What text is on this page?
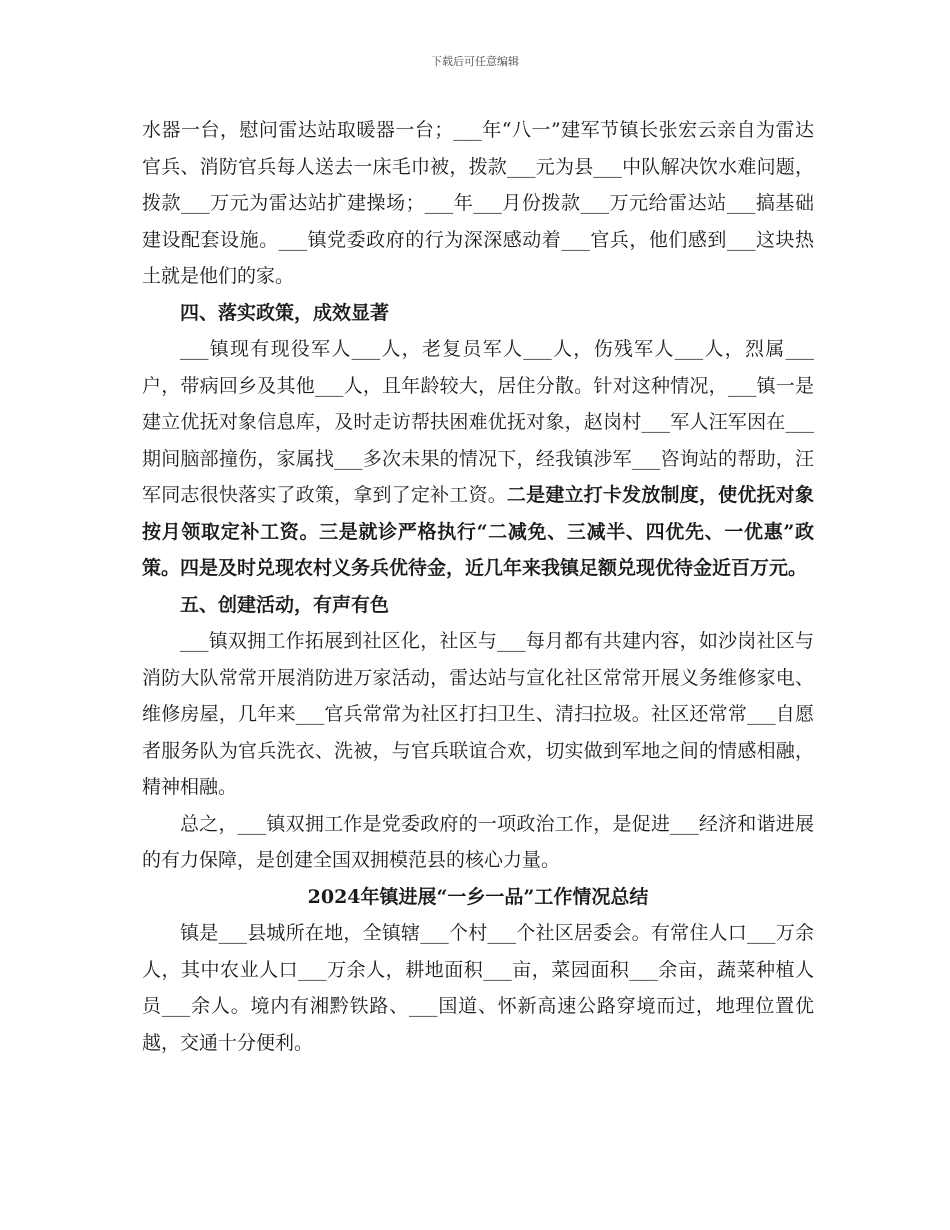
下载后可任意编辑

水器一台，慰问雷达站取暖器一台；___年“八一”建军节镇长张宏云亲自为雷达官兵、消防官兵每人送去一床毛巾被，拨款___元为县___中队解决饮水难问题，拨款___万元为雷达站扩建操场；___年___月份拨款___万元给雷达站___搞基础建设配套设施。___镇党委政府的行为深深感动着___官兵，他们感到___这块热土就是他们的家。

四、落实政策，成效显著

___镇现有现役军人___人，老复员军人___人，伤残军人___人，烈属___户，带病回乡及其他___人，且年龄较大，居住分散。针对这种情况，___镇一是建立优抚对象信息库，及时走访帮扶困难优抚对象，赵岗村___军人汪军因在___期间脑部撞伤，家属找___多次未果的情况下，经我镇涉军___咨询站的帮助，汪军同志很快落实了政策，拿到了定补工资。二是建立打卡发放制度，使优抚对象按月领取定补工资。三是就诊严格执行“二减免、三减半、四优先、一优惠”政策。四是及时兑现农村义务兵优待金，近几年来我镇足额兑现优待金近百万元。

五、创建活动，有声有色

___镇双拥工作拓展到社区化，社区与___每月都有共建内容，如沙岗社区与消防大队常常开展消防进万家活动，雷达站与宣化社区常常开展义务维修家电、维修房屋，几年来___官兵常常为社区打扫卫生、清扫拉圾。社区还常常___自愿者服务队为官兵洗衣、洗被，与官兵联谊合欢，切实做到军地之间的情感相融，精神相融。

总之，___镇双拥工作是党委政府的一项政治工作，是促进___经济和谐进展的有力保障，是创建全国双拥模范县的核心力量。

2024年镇进展“一乡一品”工作情况总结

镇是___县城所在地，全镇辖___个村___个社区居委会。有常住人口___万余人，其中农业人口___万余人，耕地面积___亩，菜园面积___余亩，蔬菜种植人员___余人。境内有湘黔铁路、___国道、怀新高速公路穿境而过，地理位置优越，交通十分便利。
